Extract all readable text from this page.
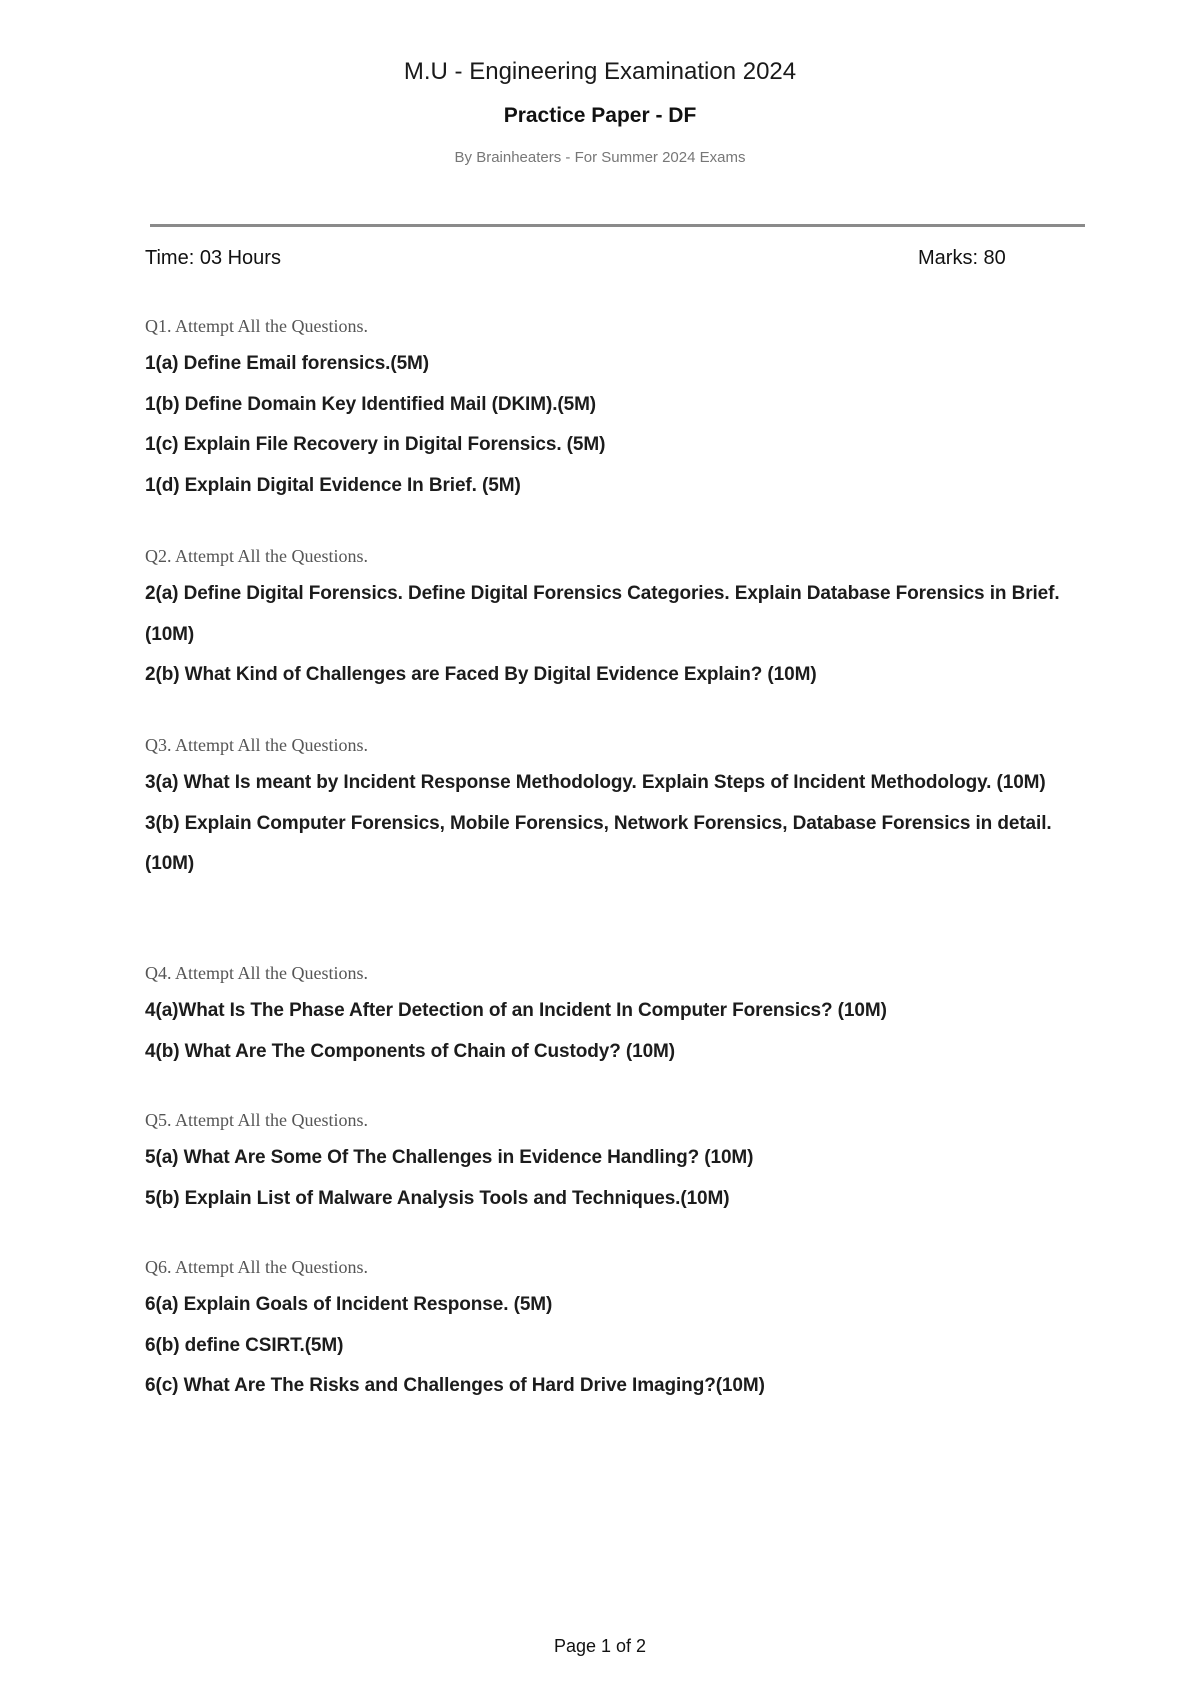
M.U - Engineering Examination 2024
Practice Paper - DF
By Brainheaters - For Summer 2024 Exams
Time: 03 Hours	Marks: 80
Q1. Attempt All the Questions.
1(a) Define Email forensics.(5M)
1(b) Define Domain Key Identified Mail (DKIM).(5M)
1(c) Explain File Recovery in Digital Forensics. (5M)
1(d) Explain Digital Evidence In Brief. (5M)
Q2. Attempt All the Questions.
2(a) Define Digital Forensics. Define Digital Forensics Categories. Explain Database Forensics in Brief.(10M)
2(b) What Kind of Challenges are Faced By Digital Evidence Explain? (10M)
Q3. Attempt All the Questions.
3(a) What Is meant by Incident Response Methodology. Explain Steps of Incident Methodology. (10M)
3(b) Explain Computer Forensics, Mobile Forensics, Network Forensics, Database Forensics in detail.(10M)
Q4. Attempt All the Questions.
4(a)What Is The Phase After Detection of an Incident In Computer Forensics? (10M)
4(b) What Are The Components of Chain of Custody? (10M)
Q5. Attempt All the Questions.
5(a) What Are Some Of The Challenges in Evidence Handling? (10M)
5(b) Explain List of Malware Analysis Tools and Techniques.(10M)
Q6. Attempt All the Questions.
6(a) Explain Goals of Incident Response. (5M)
6(b) define CSIRT.(5M)
6(c) What Are The Risks and Challenges of Hard Drive Imaging?(10M)
Page 1 of 2
